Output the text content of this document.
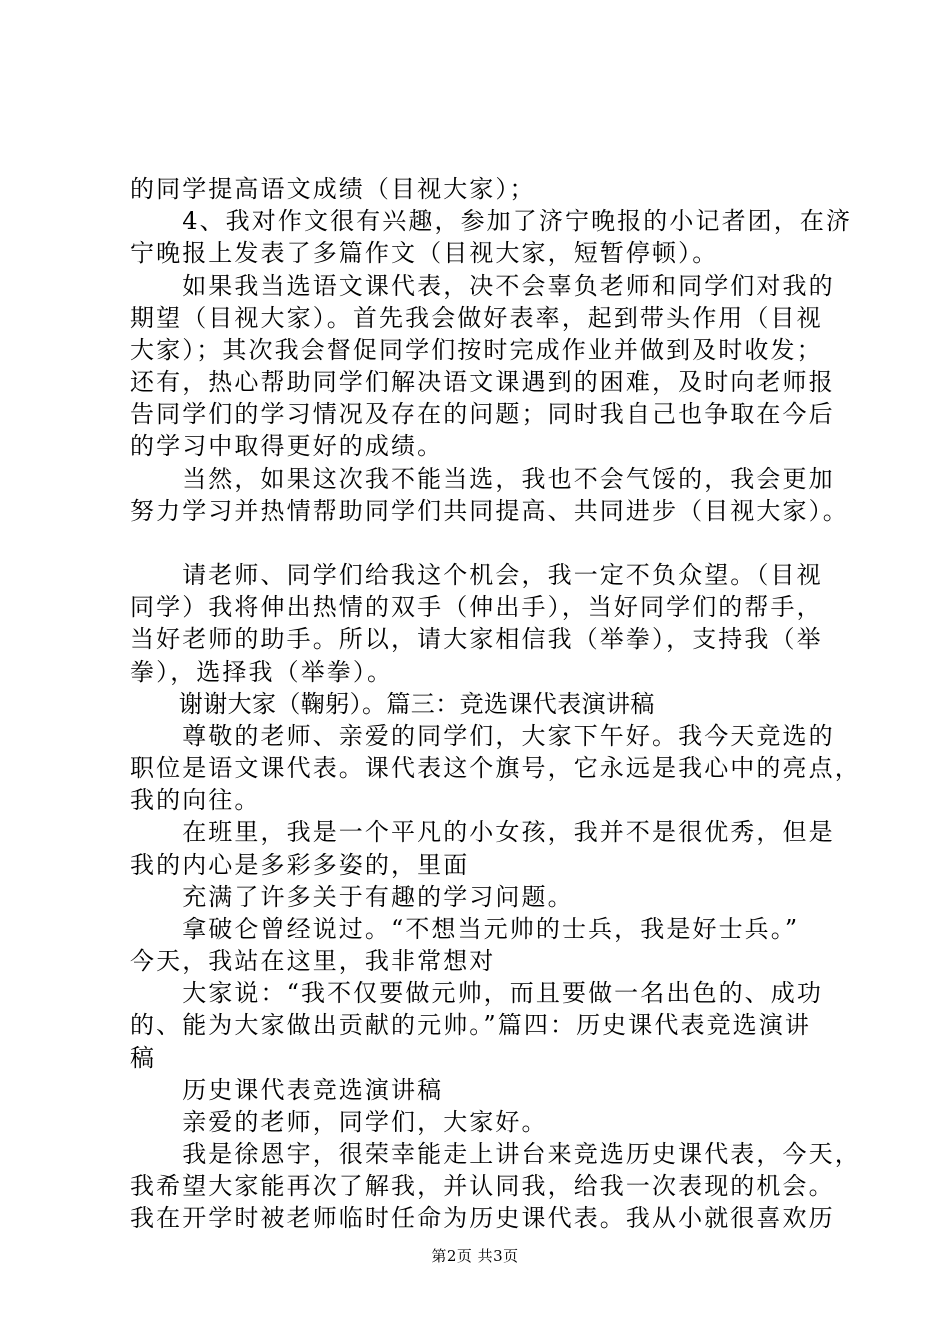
的同学提高语文成绩（目视大家）；
　　4、我对作文很有兴趣，参加了济宁晚报的小记者团，在济
宁晚报上发表了多篇作文（目视大家，短暂停顿）。
　　如果我当选语文课代表，决不会辜负老师和同学们对我的
期望（目视大家）。首先我会做好表率，起到带头作用（目视
大家）；其次我会督促同学们按时完成作业并做到及时收发；
还有，热心帮助同学们解决语文课遇到的困难，及时向老师报
告同学们的学习情况及存在的问题；同时我自己也争取在今后
的学习中取得更好的成绩。
　　当然，如果这次我不能当选，我也不会气馁的，我会更加
努力学习并热情帮助同学们共同提高、共同进步（目视大家）。
　　请老师、同学们给我这个机会，我一定不负众望。（目视
同学）我将伸出热情的双手（伸出手），当好同学们的帮手，
当好老师的助手。所以，请大家相信我（举拳），支持我（举
拳），选择我（举拳）。
　　谢谢大家（鞠躬）。篇三：竞选课代表演讲稿
　　尊敬的老师、亲爱的同学们，大家下午好。我今天竞选的
职位是语文课代表。课代表这个旗号，它永远是我心中的亮点，
我的向往。
　　在班里，我是一个平凡的小女孩，我并不是很优秀，但是
我的内心是多彩多姿的，里面
　　充满了许多关于有趣的学习问题。
　　拿破仑曾经说过。“不想当元帅的士兵，我是好士兵。”
今天，我站在这里，我非常想对
　　大家说：“我不仅要做元帅，而且要做一名出色的、成功
的、能为大家做出贡献的元帅。”篇四：历史课代表竞选演讲
稿
　　历史课代表竞选演讲稿
　　亲爱的老师，同学们，大家好。
　　我是徐恩宇，很荣幸能走上讲台来竞选历史课代表，今天，
我希望大家能再次了解我，并认同我，给我一次表现的机会。
我在开学时被老师临时任命为历史课代表。我从小就很喜欢历
第2页 共3页
